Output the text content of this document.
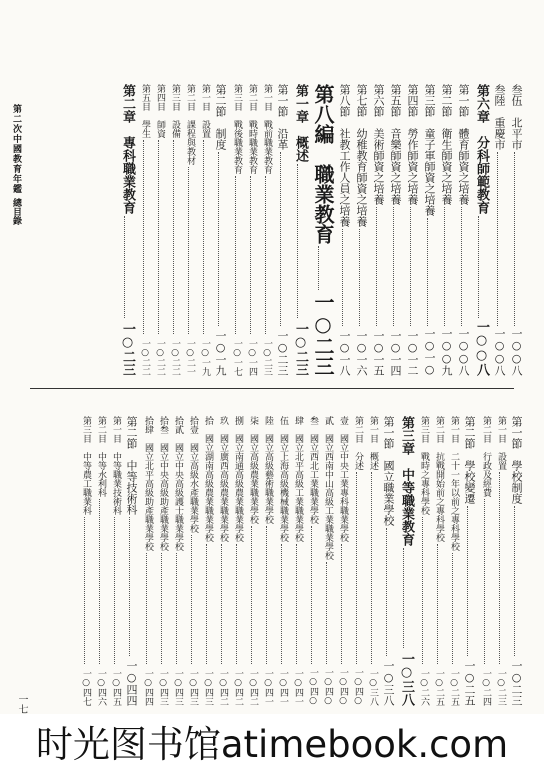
叁伍　北平市
一○○八
叁陸　重慶市
一○○八
第六章　分科師範教育
一○○八
第一節　體育師資之培養
一○○八
第二節　衛生師資之培養
一○○九
第三節　童子軍師資之培養
一○一○
第四節　勞作師資之培養
一○一二
第五節　音樂師資之培養
一○一四
第六節　美術師資之培養
一○一五
第七節　幼稚教育師資之培養
一○一六
第八節　社教工作人員之培養
一○一八
第八編　職業教育
一○二三
第一章　概述
一○二三
第一節　沿革
一○二三
第一目　戰前職業教育
一○二三
第二目　戰時職業教育
一○一四
第三目　戰後職業教育
一○一七
第二節　制度
一○一九
第一目　設置
一○一九
第二目　課程與教材
一○二一
第三目　設備
一○二二
第四目　師資
一○二二
第五目　學生
一○二二
第二章　專科職業教育
一○二三
第一節　學校制度
一○二三
第一目　設置
一○二三
第二目　行政及經費
一○二四
第二節　學校變遷
一○二五
第一目　二十一年以前之專科學校
一○二五
第二目　抗戰開始前之專科學校
一○二五
第三目　戰時之專科學校
一○二六
第三章　中等職業教育
一○三八
第一節　國立職業學校
一○三八
第一目　概述
一○三八
第二目　分述
一○四○
壹　國立中央工業專科職業學校
一○四○
貳　國立西南中山高級工業職業學校
一○四○
叁　國立西北工業職業學校
一○四○
肆　國立北平高級工業職業學校
一○四一
伍　國立上海高級機械職業學校
一○四一
陸　國立高級藝術職業學校
一○四一
柒　國立高級農業職業學校
一○四二
捌　國立南通高級農業職業學校
一○四二
玖　國立廣西高級農業職業學校
一○四二
拾　國立湖南高級農業職業學校
一○四三
拾壹　國立高級水產職業學校
一○四三
拾貳　國立中央高級護士職業學校
一○四三
拾叁　國立中央高級助產職業學校
一○四三
拾肆　國立北平高級助產職業學校
一○四四
第二節　中等技術科
一○四四
第一目　中等職業技術科
一○四五
第二目　中等水利科
一○四六
第三目　中等農工職業科
一○四七
第二次中國教育年鑑
總目錄
一七
时光图书馆atimebook.com
